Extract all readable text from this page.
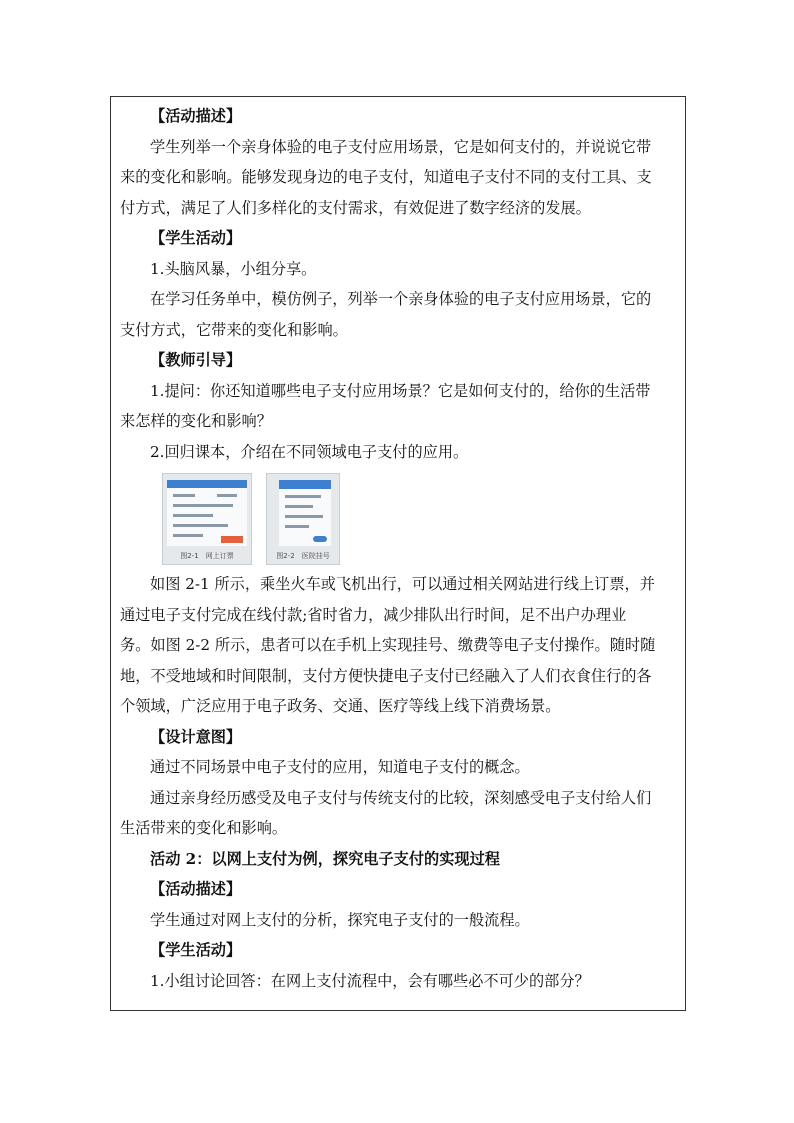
【活动描述】
学生列举一个亲身体验的电子支付应用场景，它是如何支付的，并说说它带
来的变化和影响。能够发现身边的电子支付，知道电子支付不同的支付工具、支
付方式，满足了人们多样化的支付需求，有效促进了数字经济的发展。
【学生活动】
1.头脑风暴，小组分享。
在学习任务单中，模仿例子，列举一个亲身体验的电子支付应用场景，它的
支付方式，它带来的变化和影响。
【教师引导】
1.提问：你还知道哪些电子支付应用场景？它是如何支付的，给你的生活带
来怎样的变化和影响？
2.回归课本，介绍在不同领域电子支付的应用。
图2-1　网上订票	图2-2　医院挂号
如图 2-1 所示，乘坐火车或飞机出行，可以通过相关网站进行线上订票，并
通过电子支付完成在线付款;省时省力，减少排队出行时间，足不出户办理业
务。如图 2-2 所示，患者可以在手机上实现挂号、缴费等电子支付操作。随时随
地，不受地域和时间限制，支付方便快捷电子支付已经融入了人们衣食住行的各
个领域，广泛应用于电子政务、交通、医疗等线上线下消费场景。
【设计意图】
通过不同场景中电子支付的应用，知道电子支付的概念。
通过亲身经历感受及电子支付与传统支付的比较，深刻感受电子支付给人们
生活带来的变化和影响。
活动 2：以网上支付为例，探究电子支付的实现过程
【活动描述】
学生通过对网上支付的分析，探究电子支付的一般流程。
【学生活动】
1.小组讨论回答：在网上支付流程中，会有哪些必不可少的部分？
